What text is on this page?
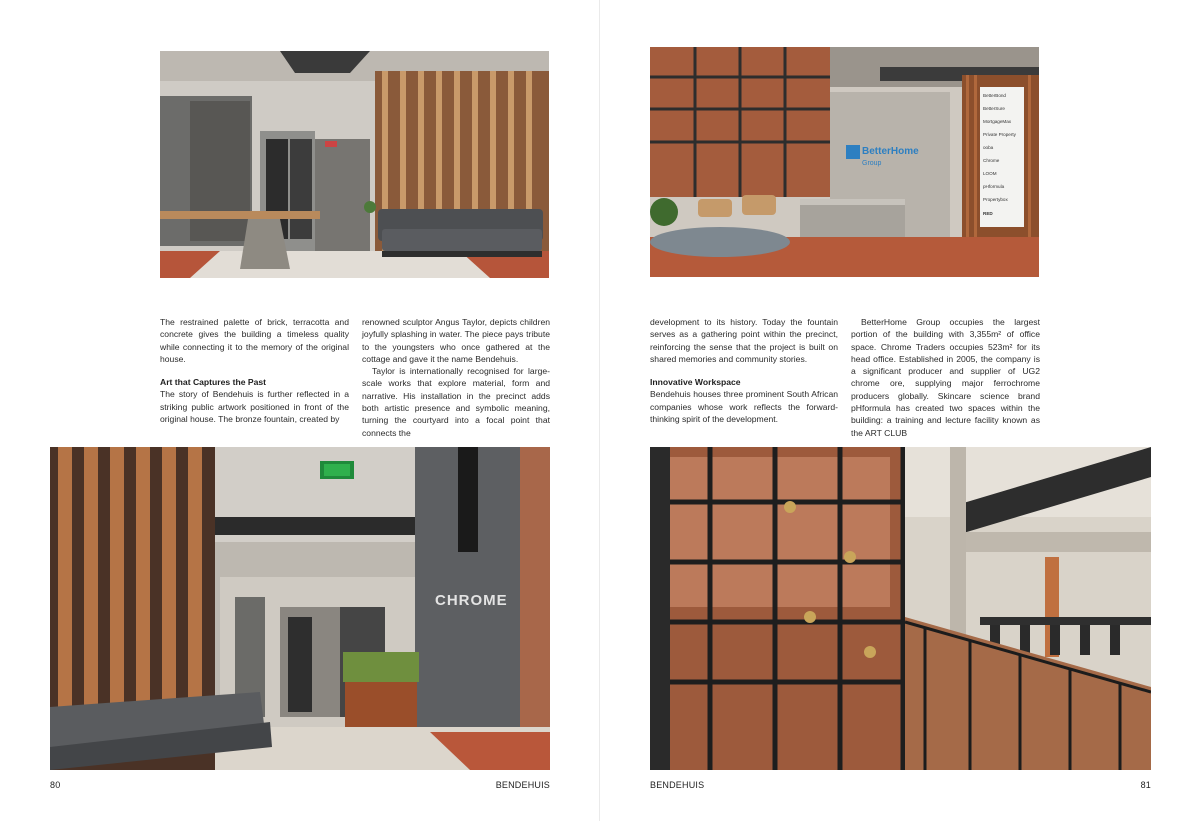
The restrained palette of brick, terracotta and concrete gives the building a timeless quality while connecting it to the memory of the original house.

Art that Captures the Past

The story of Bendehuis is further reflected in a striking public artwork positioned in front of the original house. The bronze fountain, created by

renowned sculptor Angus Taylor, depicts children joyfully splashing in water. The piece pays tribute to the youngsters who once gathered at the cottage and gave it the name Bendehuis.

Taylor is internationally recognised for large-scale works that explore material, form and narrative. His installation in the precinct adds both artistic presence and symbolic meaning, turning the courtyard into a focal point that connects the

CHROME
80	BENDEHUIS
BetterHome
Group
BetterBond
BetterSure
MortgageMax
Private Property
ooba
Chrome
LOOM
pHformula
Propertybox
RED

development to its history. Today the fountain serves as a gathering point within the precinct, reinforcing the sense that the project is built on shared memories and community stories.

Innovative Workspace

Bendehuis houses three prominent South African companies whose work reflects the forward-thinking spirit of the development.

BetterHome Group occupies the largest portion of the building with 3,355m² of office space. Chrome Traders occupies 523m² for its head office. Established in 2005, the company is a significant producer and supplier of UG2 chrome ore, supplying major ferrochrome producers globally. Skincare science brand pHformula has created two spaces within the building: a training and lecture facility known as the ART CLUB

BENDEHUIS	81
